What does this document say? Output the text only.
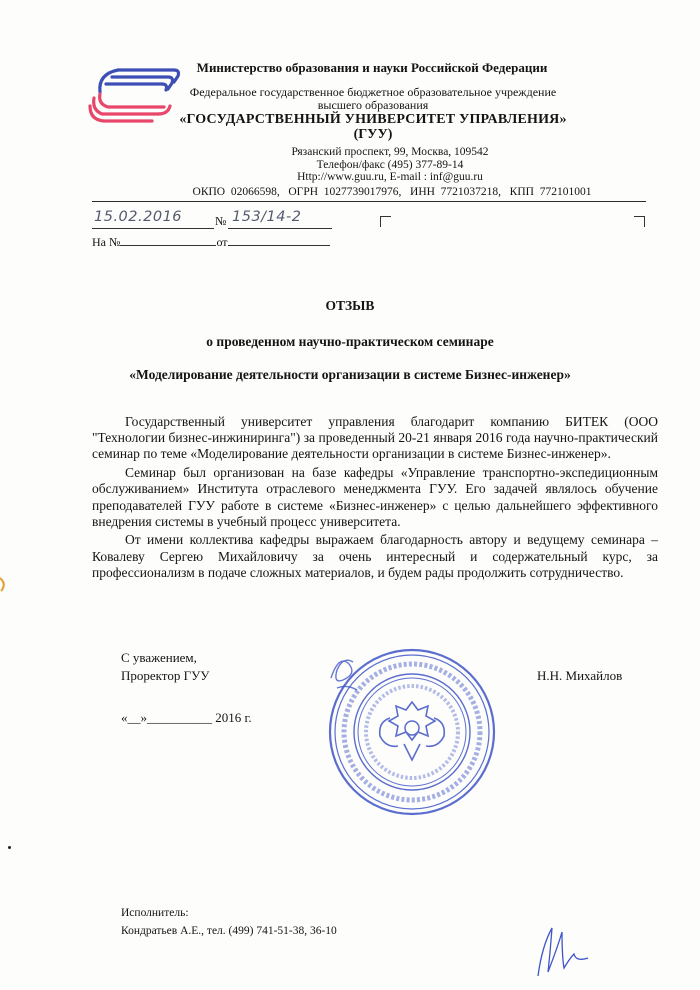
Министерство образования и науки Российской Федерации
Федеральное государственное бюджетное образовательное учреждение высшего образования
«ГОСУДАРСТВЕННЫЙ УНИВЕРСИТЕТ УПРАВЛЕНИЯ»
(ГУУ)
Рязанский проспект, 99, Москва, 109542
Телефон/факс (495) 377-89-14
Http://www.guu.ru, E-mail : inf@guu.ru
ОКПО  02066598,   ОГРН  1027739017976,   ИНН  7721037218,   КПП  772101001
15.02.2016	№ 153/14-2
На №	от
ОТЗЫВ
о проведенном научно-практическом семинаре
«Моделирование деятельности организации в системе Бизнес-инженер»

Государственный университет управления благодарит компанию БИТЕК (ООО "Технологии бизнес-инжиниринга") за проведенный 20-21 января 2016 года научно-практический семинар по теме «Моделирование деятельности организации в системе Бизнес-инженер».

Семинар был организован на базе кафедры «Управление транспортно-экспедиционным обслуживанием» Института отраслевого менеджмента ГУУ. Его задачей являлось обучение преподавателей ГУУ работе в системе «Бизнес-инженер» с целью дальнейшего эффективного внедрения системы в учебный процесс университета.

От имени коллектива кафедры выражаем благодарность автору и ведущему семинара – Ковалеву Сергею Михайловичу за очень интересный и содержательный курс, за профессионализм в подаче сложных материалов, и будем рады продолжить сотрудничество.

С уважением,
Проректор ГУУ	Н.Н. Михайлов
«__»__________ 2016 г.
Исполнитель:
Кондратьев А.Е., тел. (499) 741-51-38, 36-10
